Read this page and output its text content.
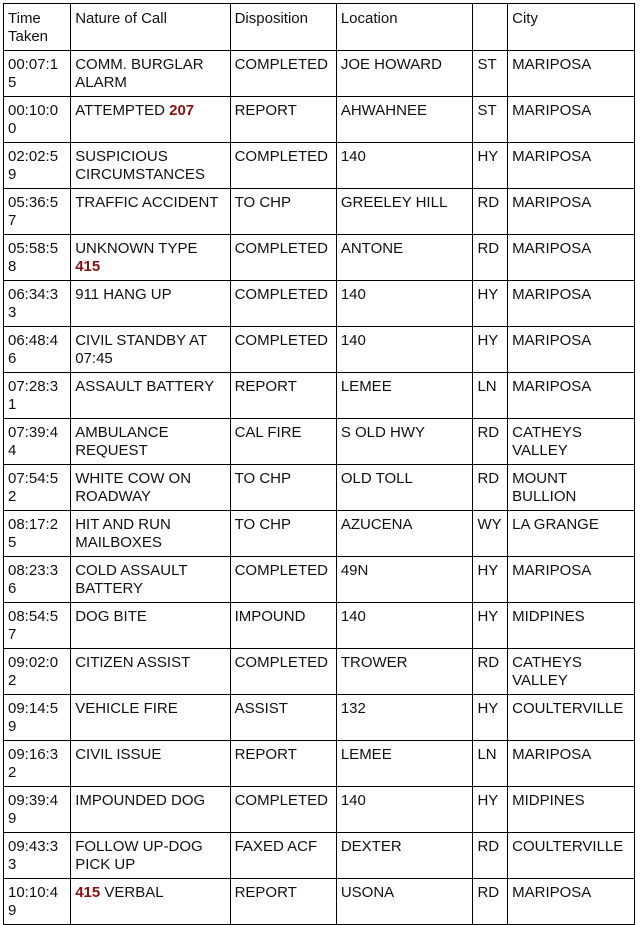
Time Taken	Nature of Call	Disposition	Location		City
00:07:15	COMM. BURGLAR ALARM	COMPLETED	JOE HOWARD	ST	MARIPOSA
00:10:00	ATTEMPTED 207	REPORT	AHWAHNEE	ST	MARIPOSA
02:02:59	SUSPICIOUS CIRCUMSTANCES	COMPLETED	140	HY	MARIPOSA
05:36:57	TRAFFIC ACCIDENT	TO CHP	GREELEY HILL	RD	MARIPOSA
05:58:58	UNKNOWN TYPE 415	COMPLETED	ANTONE	RD	MARIPOSA
06:34:33	911 HANG UP	COMPLETED	140	HY	MARIPOSA
06:48:46	CIVIL STANDBY AT 07:45	COMPLETED	140	HY	MARIPOSA
07:28:31	ASSAULT BATTERY	REPORT	LEMEE	LN	MARIPOSA
07:39:44	AMBULANCE REQUEST	CAL FIRE	S OLD HWY	RD	CATHEYS VALLEY
07:54:52	WHITE COW ON ROADWAY	TO CHP	OLD TOLL	RD	MOUNT BULLION
08:17:25	HIT AND RUN MAILBOXES	TO CHP	AZUCENA	WY	LA GRANGE
08:23:36	COLD ASSAULT BATTERY	COMPLETED	49N	HY	MARIPOSA
08:54:57	DOG BITE	IMPOUND	140	HY	MIDPINES
09:02:02	CITIZEN ASSIST	COMPLETED	TROWER	RD	CATHEYS VALLEY
09:14:59	VEHICLE FIRE	ASSIST	132	HY	COULTERVILLE
09:16:32	CIVIL ISSUE	REPORT	LEMEE	LN	MARIPOSA
09:39:49	IMPOUNDED DOG	COMPLETED	140	HY	MIDPINES
09:43:33	FOLLOW UP-DOG PICK UP	FAXED ACF	DEXTER	RD	COULTERVILLE
10:10:49	415 VERBAL	REPORT	USONA	RD	MARIPOSA
